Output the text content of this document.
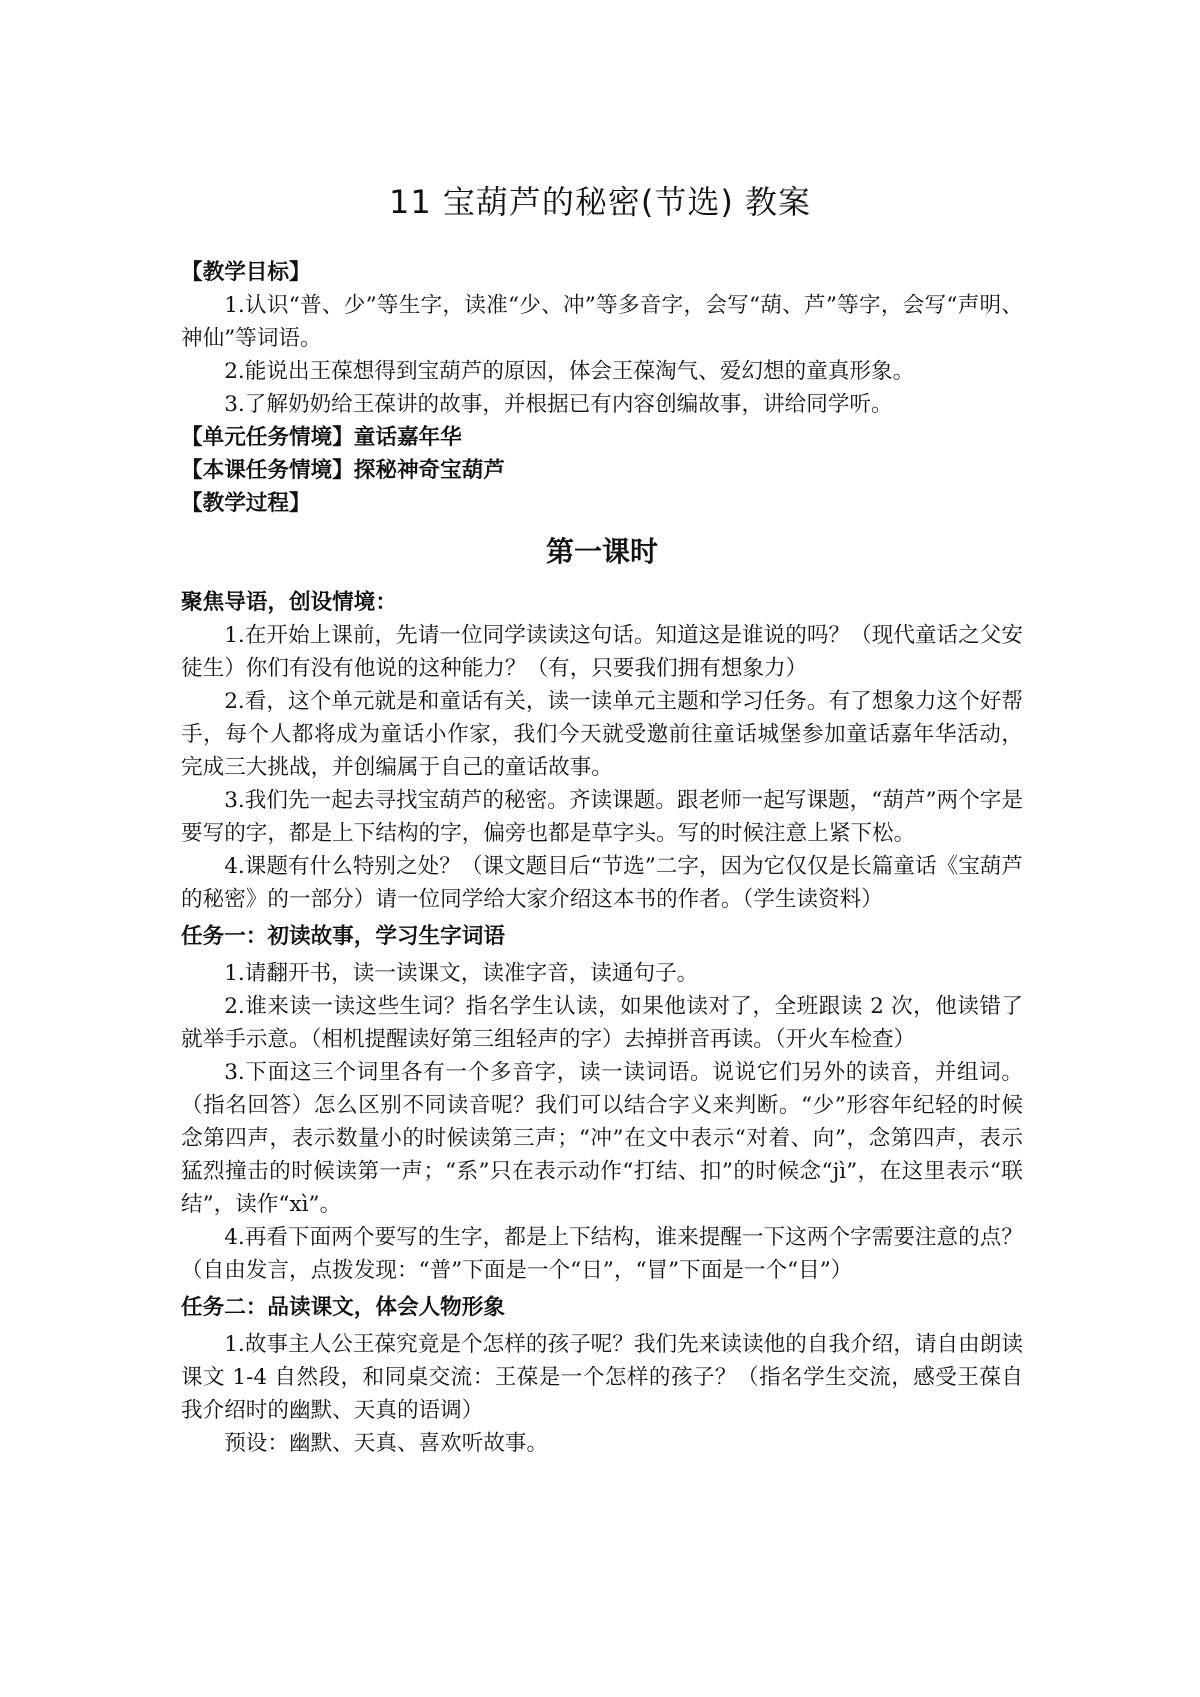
11 宝葫芦的秘密(节选) 教案

【教学目标】

1.认识“普、少”等生字，读准“少、冲”等多音字，会写“葫、芦”等字，会写“声明、神仙”等词语。

2.能说出王葆想得到宝葫芦的原因，体会王葆淘气、爱幻想的童真形象。

3.了解奶奶给王葆讲的故事，并根据已有内容创编故事，讲给同学听。

【单元任务情境】童话嘉年华

【本课任务情境】探秘神奇宝葫芦

【教学过程】

第一课时

聚焦导语，创设情境：

1.在开始上课前，先请一位同学读读这句话。知道这是谁说的吗？（现代童话之父安徒生）你们有没有他说的这种能力？（有，只要我们拥有想象力）

2.看，这个单元就是和童话有关，读一读单元主题和学习任务。有了想象力这个好帮手，每个人都将成为童话小作家，我们今天就受邀前往童话城堡参加童话嘉年华活动，完成三大挑战，并创编属于自己的童话故事。

3.我们先一起去寻找宝葫芦的秘密。齐读课题。跟老师一起写课题，“葫芦”两个字是要写的字，都是上下结构的字，偏旁也都是草字头。写的时候注意上紧下松。

4.课题有什么特别之处？（课文题目后“节选”二字，因为它仅仅是长篇童话《宝葫芦的秘密》的一部分）请一位同学给大家介绍这本书的作者。（学生读资料）

任务一：初读故事，学习生字词语

1.请翻开书，读一读课文，读准字音，读通句子。

2.谁来读一读这些生词？指名学生认读，如果他读对了，全班跟读 2 次，他读错了就举手示意。（相机提醒读好第三组轻声的字）去掉拼音再读。（开火车检查）

3.下面这三个词里各有一个多音字，读一读词语。说说它们另外的读音，并组词。（指名回答）怎么区别不同读音呢？我们可以结合字义来判断。“少”形容年纪轻的时候念第四声，表示数量小的时候读第三声；“冲”在文中表示“对着、向”，念第四声，表示猛烈撞击的时候读第一声；“系”只在表示动作“打结、扣”的时候念“jì”，在这里表示“联结”，读作“xì”。

4.再看下面两个要写的生字，都是上下结构，谁来提醒一下这两个字需要注意的点？（自由发言，点拨发现：“普”下面是一个“日”，“冒”下面是一个“目”）

任务二：品读课文，体会人物形象

1.故事主人公王葆究竟是个怎样的孩子呢？我们先来读读他的自我介绍，请自由朗读课文 1-4 自然段，和同桌交流：王葆是一个怎样的孩子？（指名学生交流，感受王葆自我介绍时的幽默、天真的语调）

预设：幽默、天真、喜欢听故事。
